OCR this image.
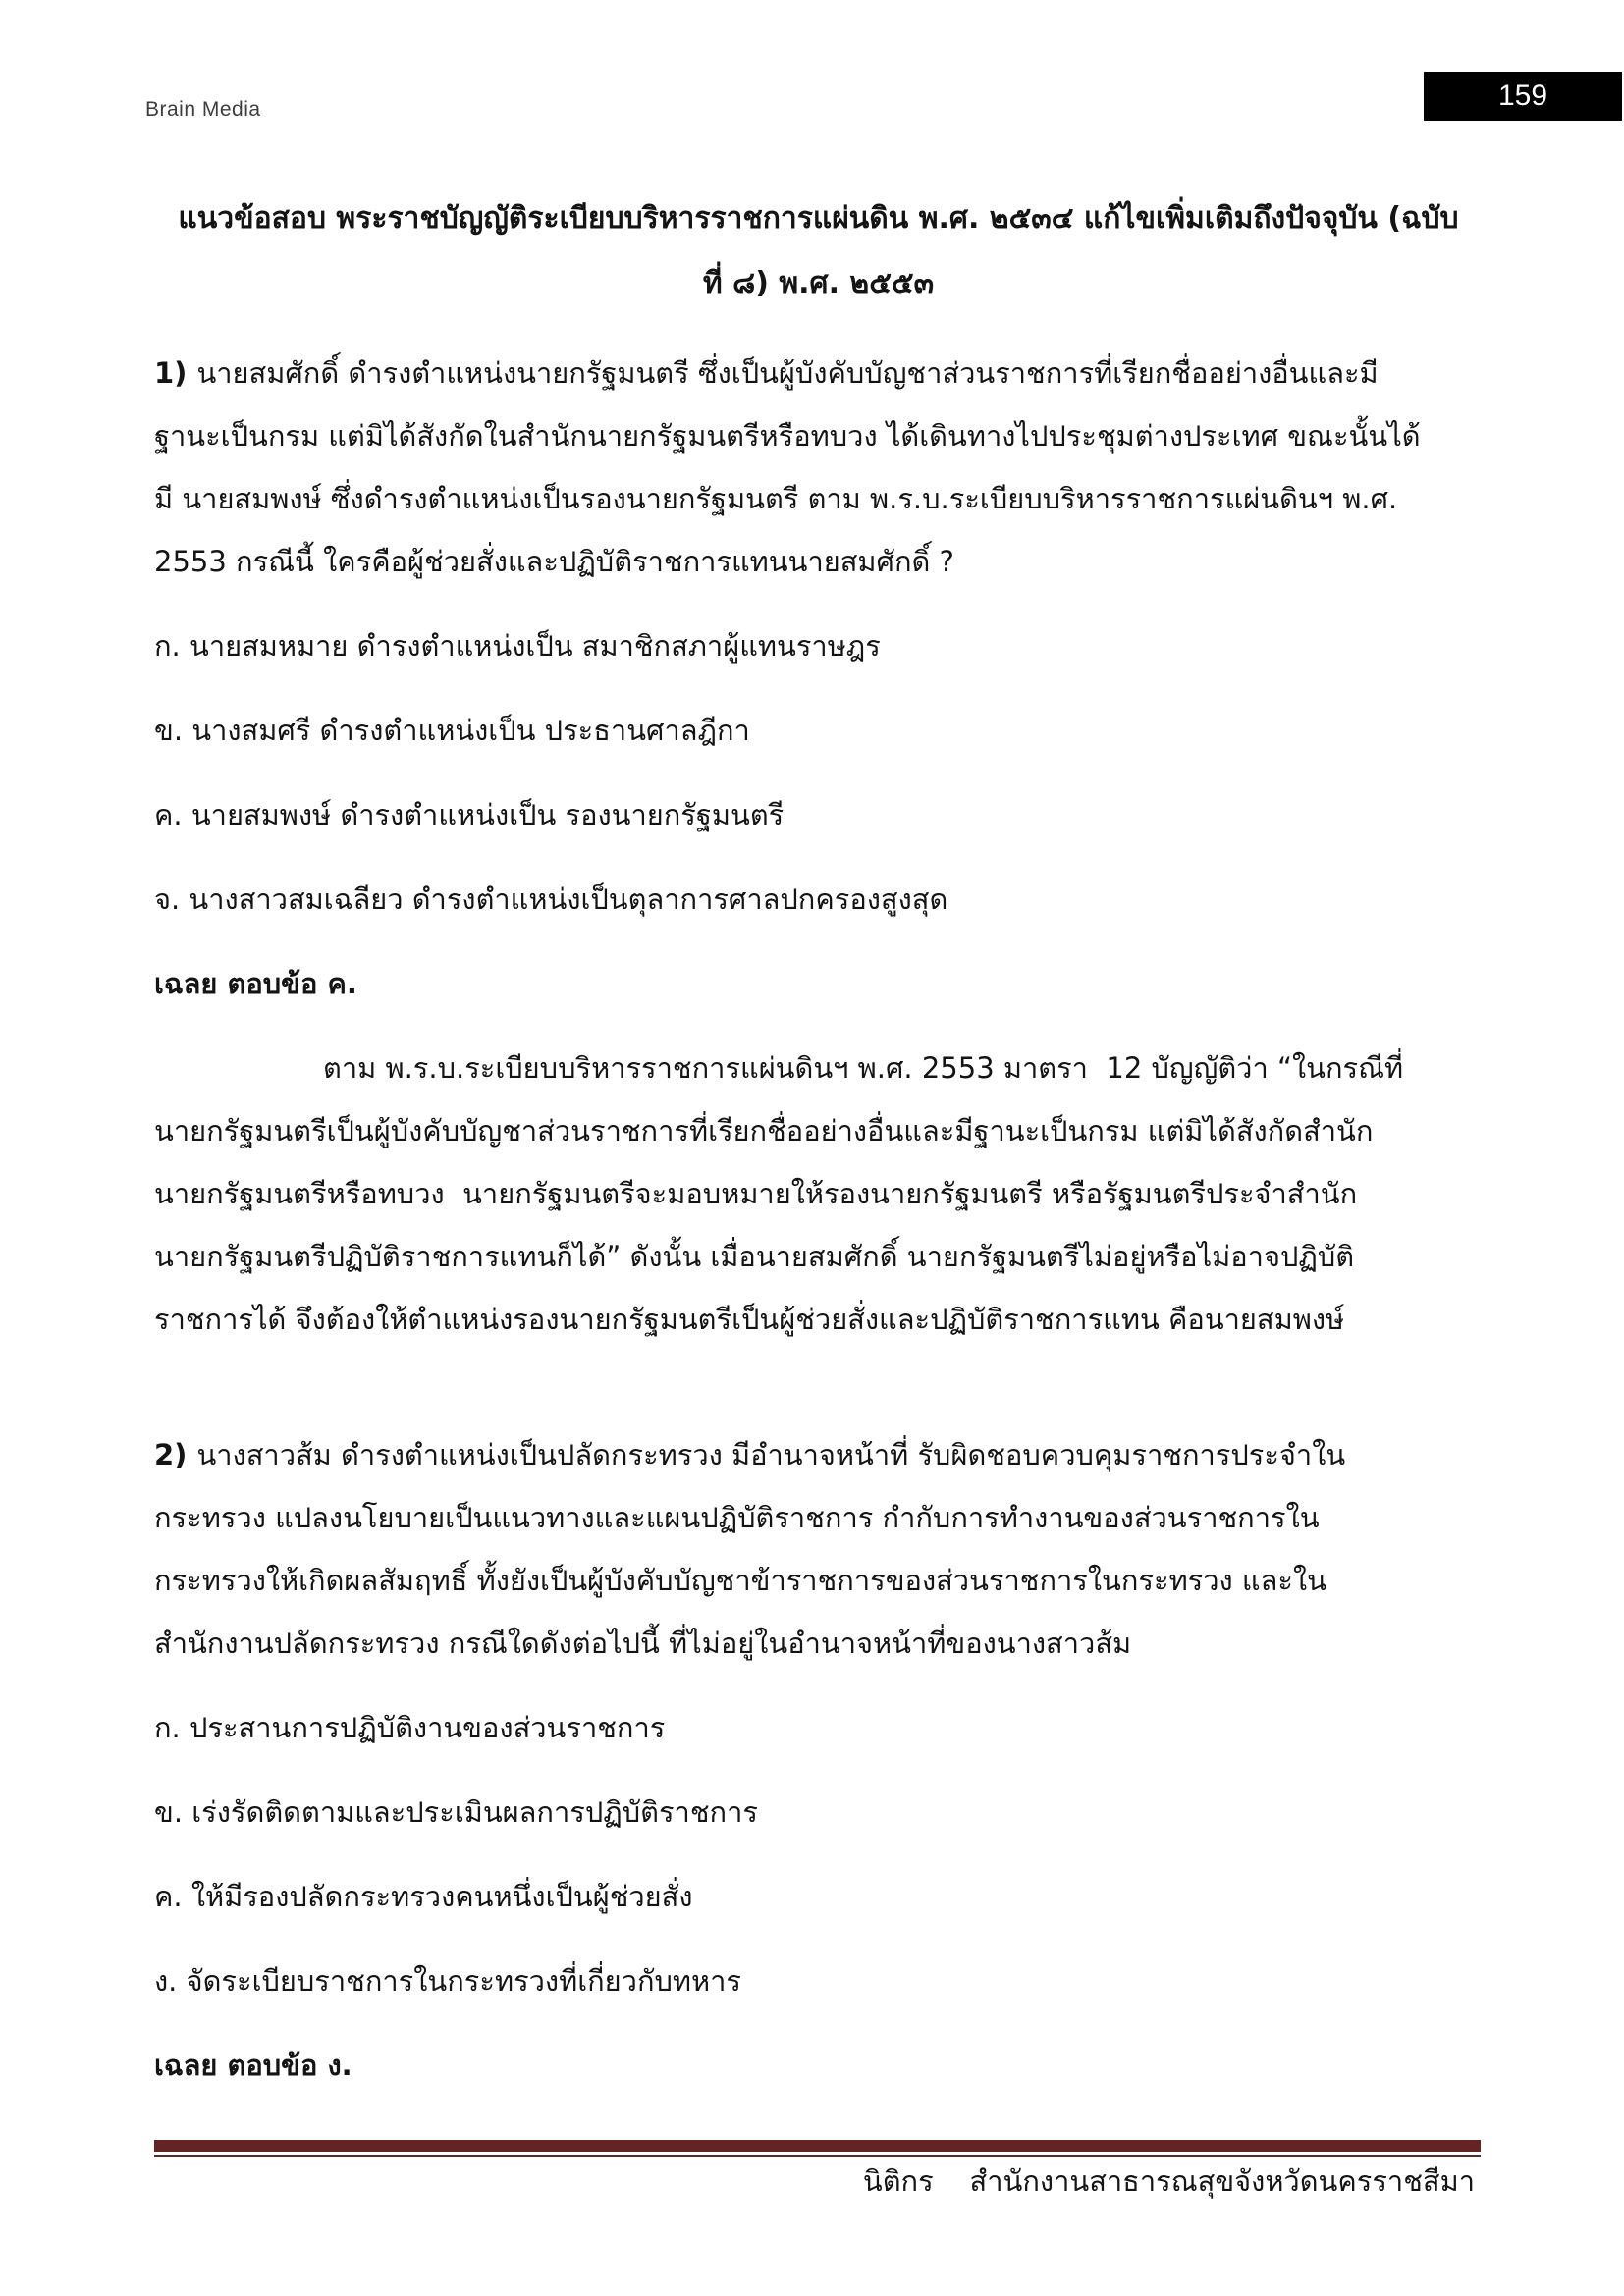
Brain Media	159
แนวข้อสอบ พระราชบัญญัติระเบียบบริหารราชการแผ่นดิน พ.ศ. ๒๕๓๔ แก้ไขเพิ่มเติมถึงปัจจุบัน (ฉบับ
ที่ ๘) พ.ศ. ๒๕๕๓
1) นายสมศักดิ์ ดำรงตำแหน่งนายกรัฐมนตรี ซึ่งเป็นผู้บังคับบัญชาส่วนราชการที่เรียกชื่ออย่างอื่นและมี
ฐานะเป็นกรม แต่มิได้สังกัดในสำนักนายกรัฐมนตรีหรือทบวง ได้เดินทางไปประชุมต่างประเทศ ขณะนั้นได้
มี นายสมพงษ์ ซึ่งดำรงตำแหน่งเป็นรองนายกรัฐมนตรี ตาม พ.ร.บ.ระเบียบบริหารราชการแผ่นดินฯ พ.ศ.
2553 กรณีนี้ ใครคือผู้ช่วยสั่งและปฏิบัติราชการแทนนายสมศักดิ์ ?
ก. นายสมหมาย ดำรงตำแหน่งเป็น สมาชิกสภาผู้แทนราษฎร
ข. นางสมศรี ดำรงตำแหน่งเป็น ประธานศาลฎีกา
ค. นายสมพงษ์ ดำรงตำแหน่งเป็น รองนายกรัฐมนตรี
จ. นางสาวสมเฉลียว ดำรงตำแหน่งเป็นตุลาการศาลปกครองสูงสุด
เฉลย ตอบข้อ ค.
ตาม พ.ร.บ.ระเบียบบริหารราชการแผ่นดินฯ พ.ศ. 2553 มาตรา  12 บัญญัติว่า “ในกรณีที่
นายกรัฐมนตรีเป็นผู้บังคับบัญชาส่วนราชการที่เรียกชื่ออย่างอื่นและมีฐานะเป็นกรม แต่มิได้สังกัดสำนัก
นายกรัฐมนตรีหรือทบวง  นายกรัฐมนตรีจะมอบหมายให้รองนายกรัฐมนตรี หรือรัฐมนตรีประจำสำนัก
นายกรัฐมนตรีปฏิบัติราชการแทนก็ได้” ดังนั้น เมื่อนายสมศักดิ์ นายกรัฐมนตรีไม่อยู่หรือไม่อาจปฏิบัติ
ราชการได้ จึงต้องให้ตำแหน่งรองนายกรัฐมนตรีเป็นผู้ช่วยสั่งและปฏิบัติราชการแทน คือนายสมพงษ์
2) นางสาวส้ม ดำรงตำแหน่งเป็นปลัดกระทรวง มีอำนาจหน้าที่ รับผิดชอบควบคุมราชการประจำใน
กระทรวง แปลงนโยบายเป็นแนวทางและแผนปฏิบัติราชการ กำกับการทำงานของส่วนราชการใน
กระทรวงให้เกิดผลสัมฤทธิ์ ทั้งยังเป็นผู้บังคับบัญชาข้าราชการของส่วนราชการในกระทรวง และใน
สำนักงานปลัดกระทรวง กรณีใดดังต่อไปนี้ ที่ไม่อยู่ในอำนาจหน้าที่ของนางสาวส้ม
ก. ประสานการปฏิบัติงานของส่วนราชการ
ข. เร่งรัดติดตามและประเมินผลการปฏิบัติราชการ
ค. ให้มีรองปลัดกระทรวงคนหนึ่งเป็นผู้ช่วยสั่ง
ง. จัดระเบียบราชการในกระทรวงที่เกี่ยวกับทหาร
เฉลย ตอบข้อ ง.
นิติกร    สำนักงานสาธารณสุขจังหวัดนครราชสีมา
